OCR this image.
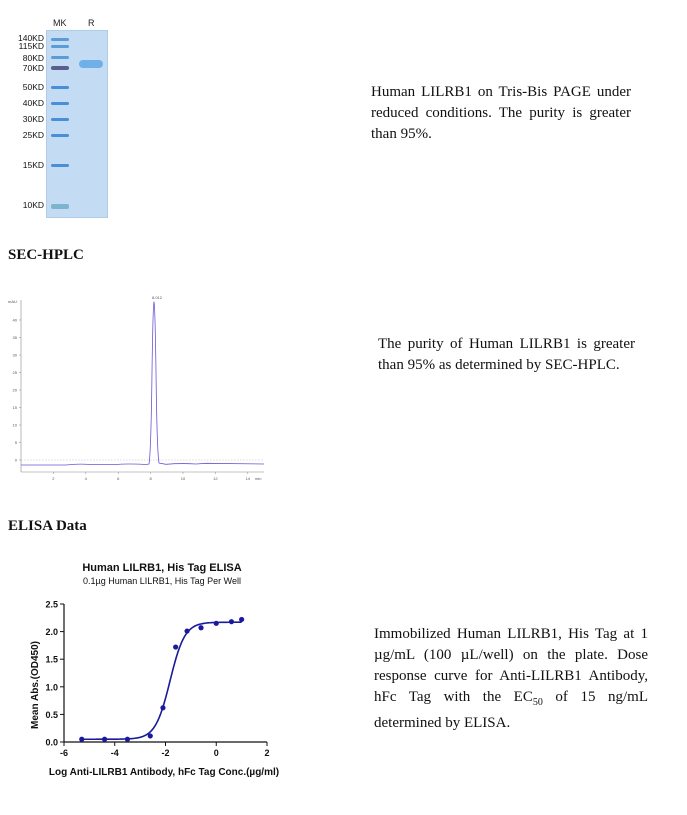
MK R
140KD
115KD
80KD
70KD
50KD
40KD
30KD
25KD
15KD
10KD
Human LILRB1 on Tris-Bis PAGE under reduced conditions. The purity is greater than 95%.
SEC-HPLC
mAU
40
35
30
25
20
15
10
5
0
2	4	6	8	10	12	14 min
8.012
The purity of Human LILRB1 is greater than 95% as determined by SEC-HPLC.
ELISA Data
Human LILRB1, His Tag ELISA
0.1µg Human LILRB1, His Tag Per Well
Mean Abs.(OD450)
Log Anti-LILRB1 Antibody, hFc Tag Conc.(µg/ml)
0.0
0.5
1.0
1.5
2.0
2.5
-6	-4	-2	0	2
Immobilized Human LILRB1, His Tag at 1 µg/mL (100 µL/well) on the plate. Dose response curve for Anti-LILRB1 Antibody, hFc Tag with the $EC_{50}$ of 15 ng/mL determined by ELISA.
